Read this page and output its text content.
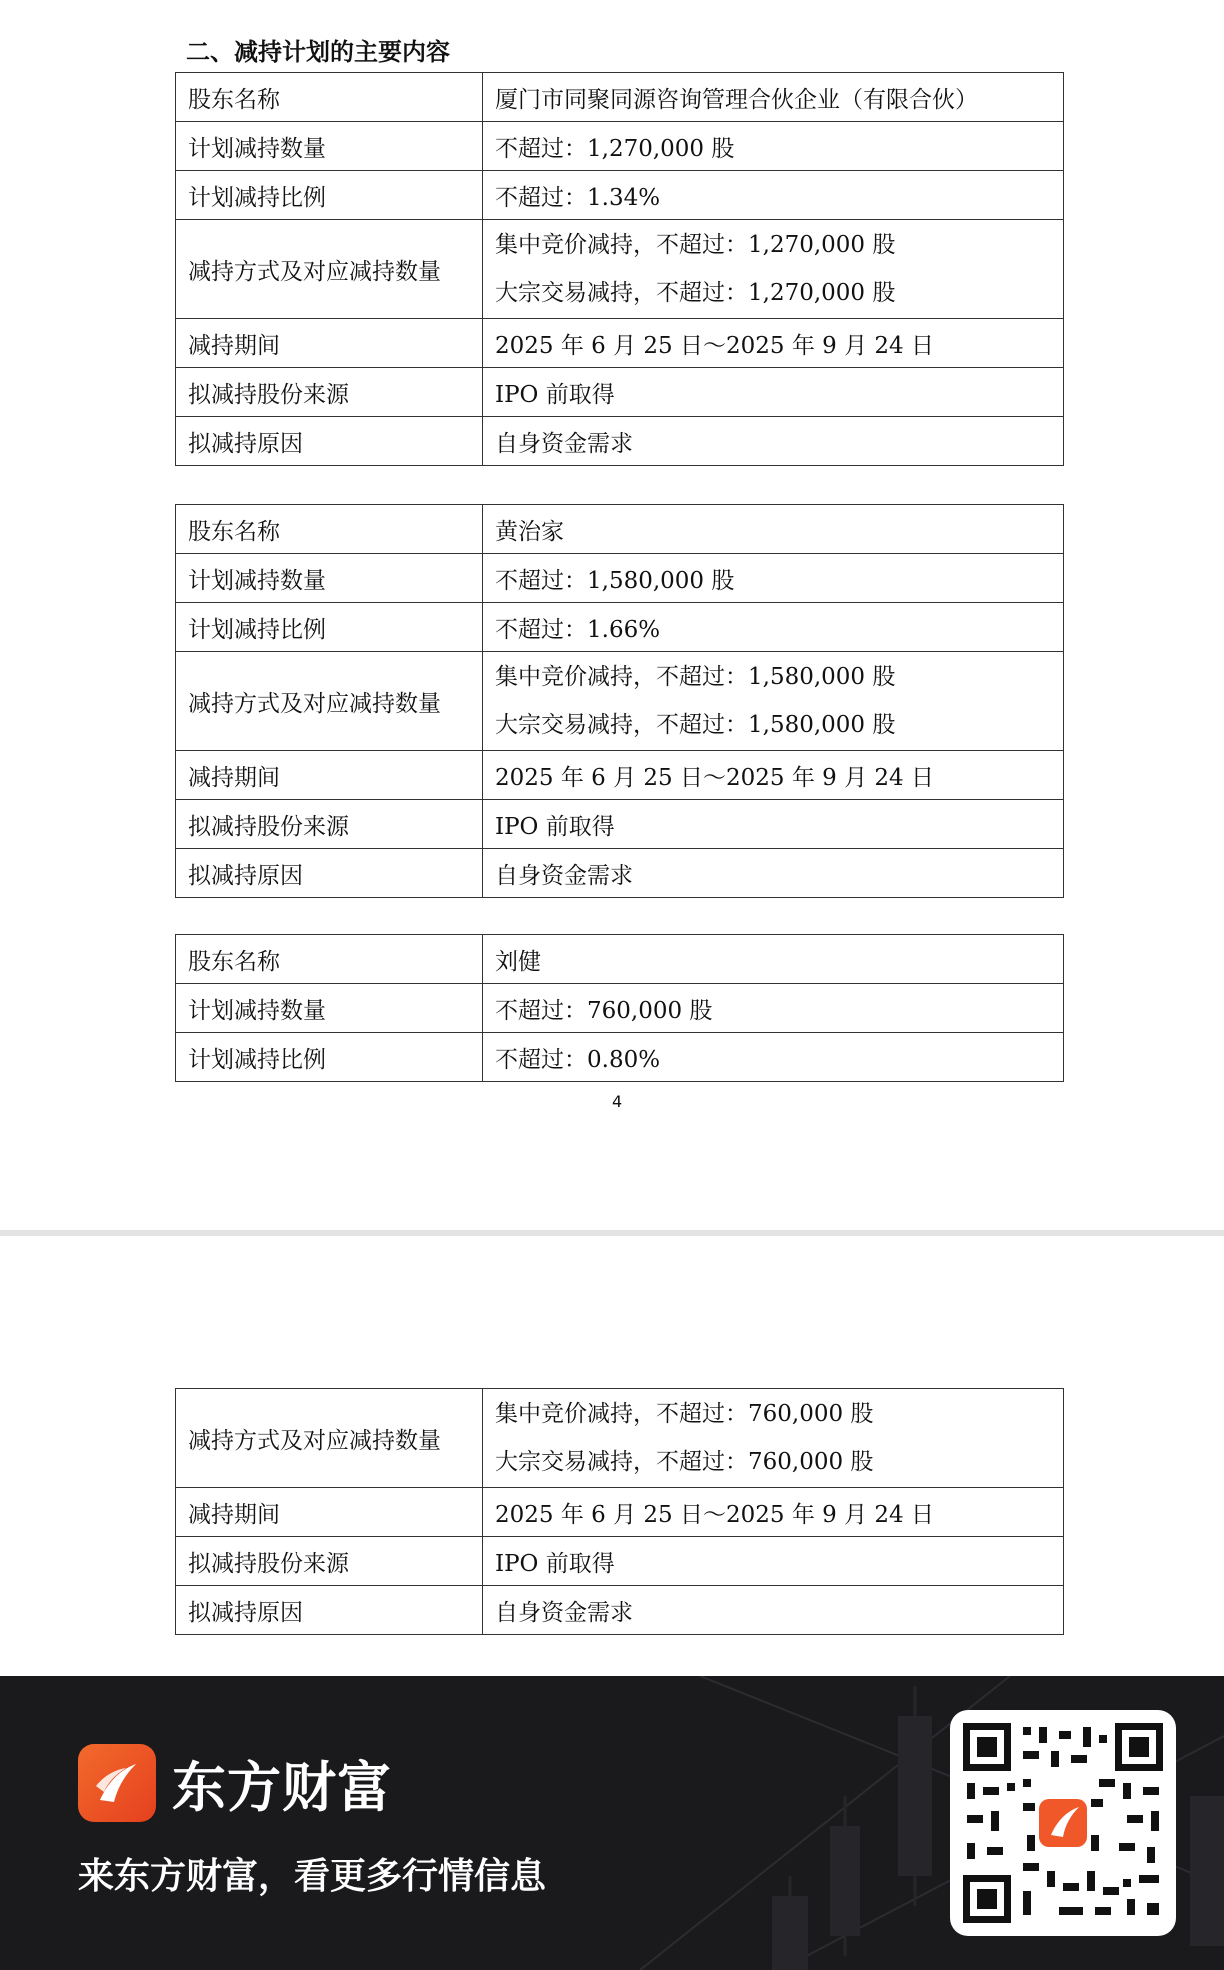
二、减持计划的主要内容
股东名称	厦门市同聚同源咨询管理合伙企业（有限合伙）
计划减持数量	不超过：1,270,000 股
计划减持比例	不超过：1.34%
减持方式及对应减持数量	集中竞价减持，不超过：1,270,000 股
大宗交易减持，不超过：1,270,000 股

减持期间	2025 年 6 月 25 日～2025 年 9 月 24 日
拟减持股份来源	IPO 前取得
拟减持原因	自身资金需求
股东名称	黄治家
计划减持数量	不超过：1,580,000 股
计划减持比例	不超过：1.66%
减持方式及对应减持数量	集中竞价减持，不超过：1,580,000 股
大宗交易减持，不超过：1,580,000 股

减持期间	2025 年 6 月 25 日～2025 年 9 月 24 日
拟减持股份来源	IPO 前取得
拟减持原因	自身资金需求
股东名称	刘健
计划减持数量	不超过：760,000 股
计划减持比例	不超过：0.80%
4
减持方式及对应减持数量	集中竞价减持，不超过：760,000 股
大宗交易减持，不超过：760,000 股

减持期间	2025 年 6 月 25 日～2025 年 9 月 24 日
拟减持股份来源	IPO 前取得
拟减持原因	自身资金需求
东方财富
来东方财富，看更多行情信息
